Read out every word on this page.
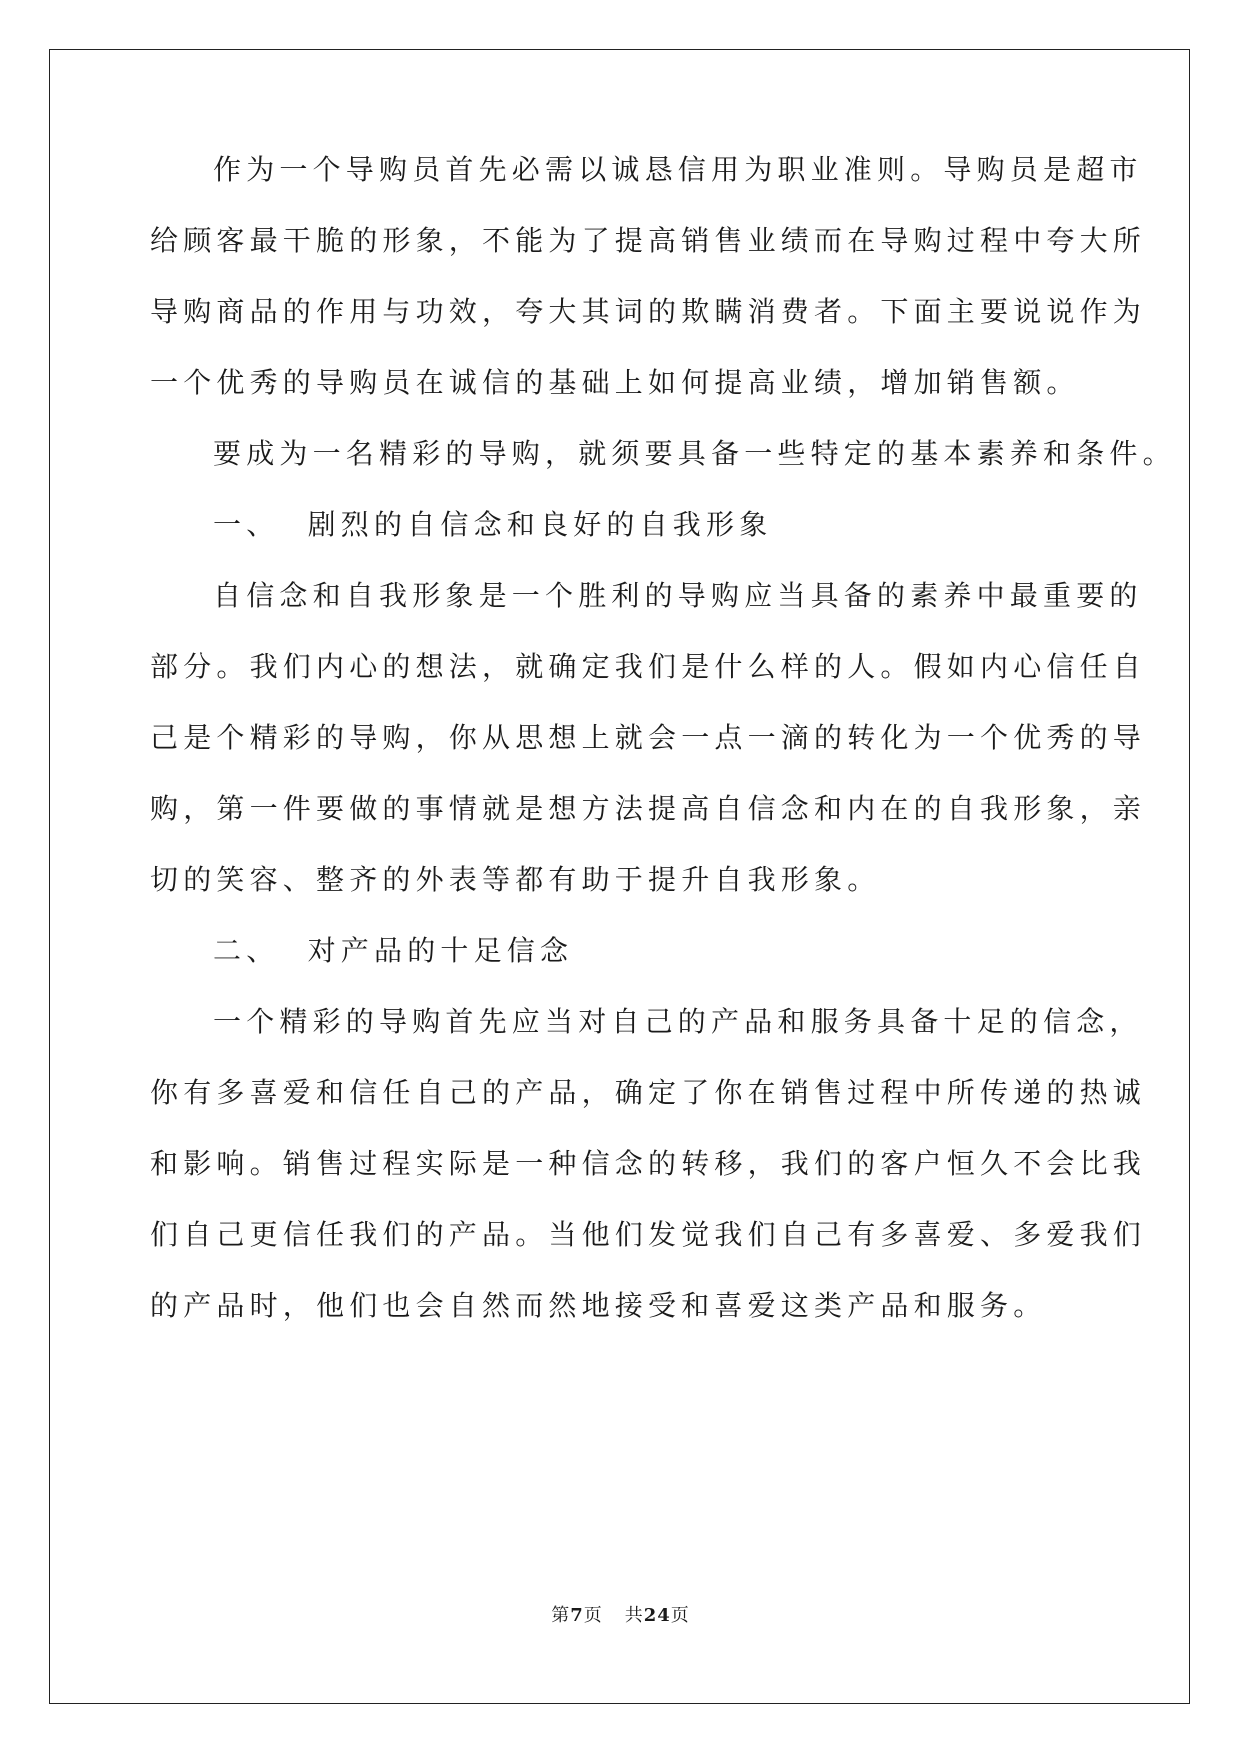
作为一个导购员首先必需以诚恳信用为职业准则。导购员是超市

给顾客最干脆的形象，不能为了提高销售业绩而在导购过程中夸大所

导购商品的作用与功效，夸大其词的欺瞒消费者。下面主要说说作为

一个优秀的导购员在诚信的基础上如何提高业绩，增加销售额。

要成为一名精彩的导购，就须要具备一些特定的基本素养和条件。

一、  剧烈的自信念和良好的自我形象

自信念和自我形象是一个胜利的导购应当具备的素养中最重要的

部分。我们内心的想法，就确定我们是什么样的人。假如内心信任自

己是个精彩的导购，你从思想上就会一点一滴的转化为一个优秀的导

购，第一件要做的事情就是想方法提高自信念和内在的自我形象，亲

切的笑容、整齐的外表等都有助于提升自我形象。

二、  对产品的十足信念

一个精彩的导购首先应当对自己的产品和服务具备十足的信念，

你有多喜爱和信任自己的产品，确定了你在销售过程中所传递的热诚

和影响。销售过程实际是一种信念的转移，我们的客户恒久不会比我

们自己更信任我们的产品。当他们发觉我们自己有多喜爱、多爱我们

的产品时，他们也会自然而然地接受和喜爱这类产品和服务。

第7页 共24页
